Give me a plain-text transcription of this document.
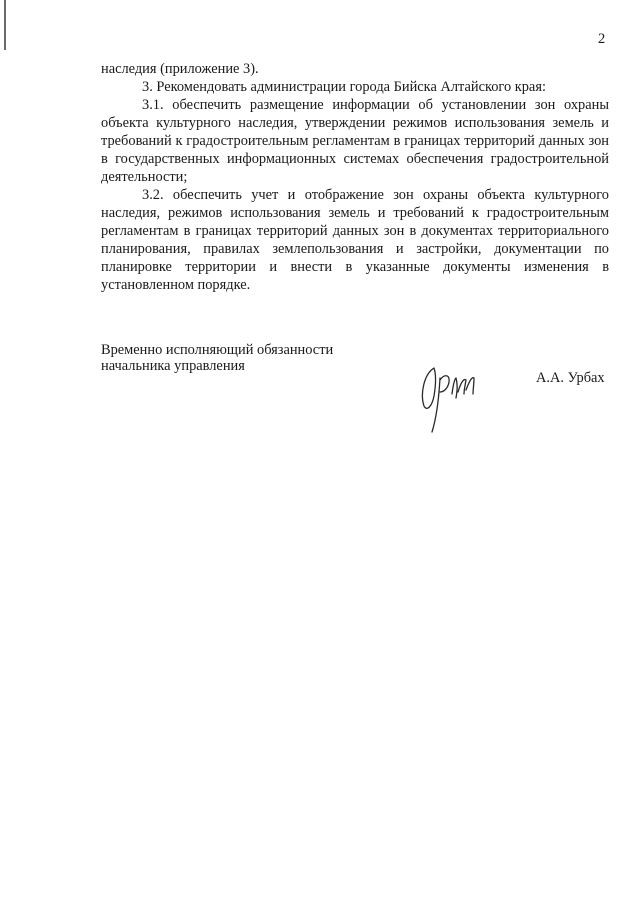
2

наследия (приложение 3).

3. Рекомендовать администрации города Бийска Алтайского края:

3.1. обеспечить размещение информации об установлении зон охраны объекта культурного наследия, утверждении режимов использования земель и требований к градостроительным регламентам в границах территорий данных зон в государственных информационных системах обеспечения градостроительной деятельности;

3.2. обеспечить учет и отображение зон охраны объекта культурного наследия, режимов использования земель и требований к градостроительным регламентам в границах территорий данных зон в документах территориального планирования, правилах землепользования и застройки, документации по планировке территории и внести в указанные документы изменения в установленном порядке.

Временно исполняющий обязанности
начальника управления
А.А. Урбах
